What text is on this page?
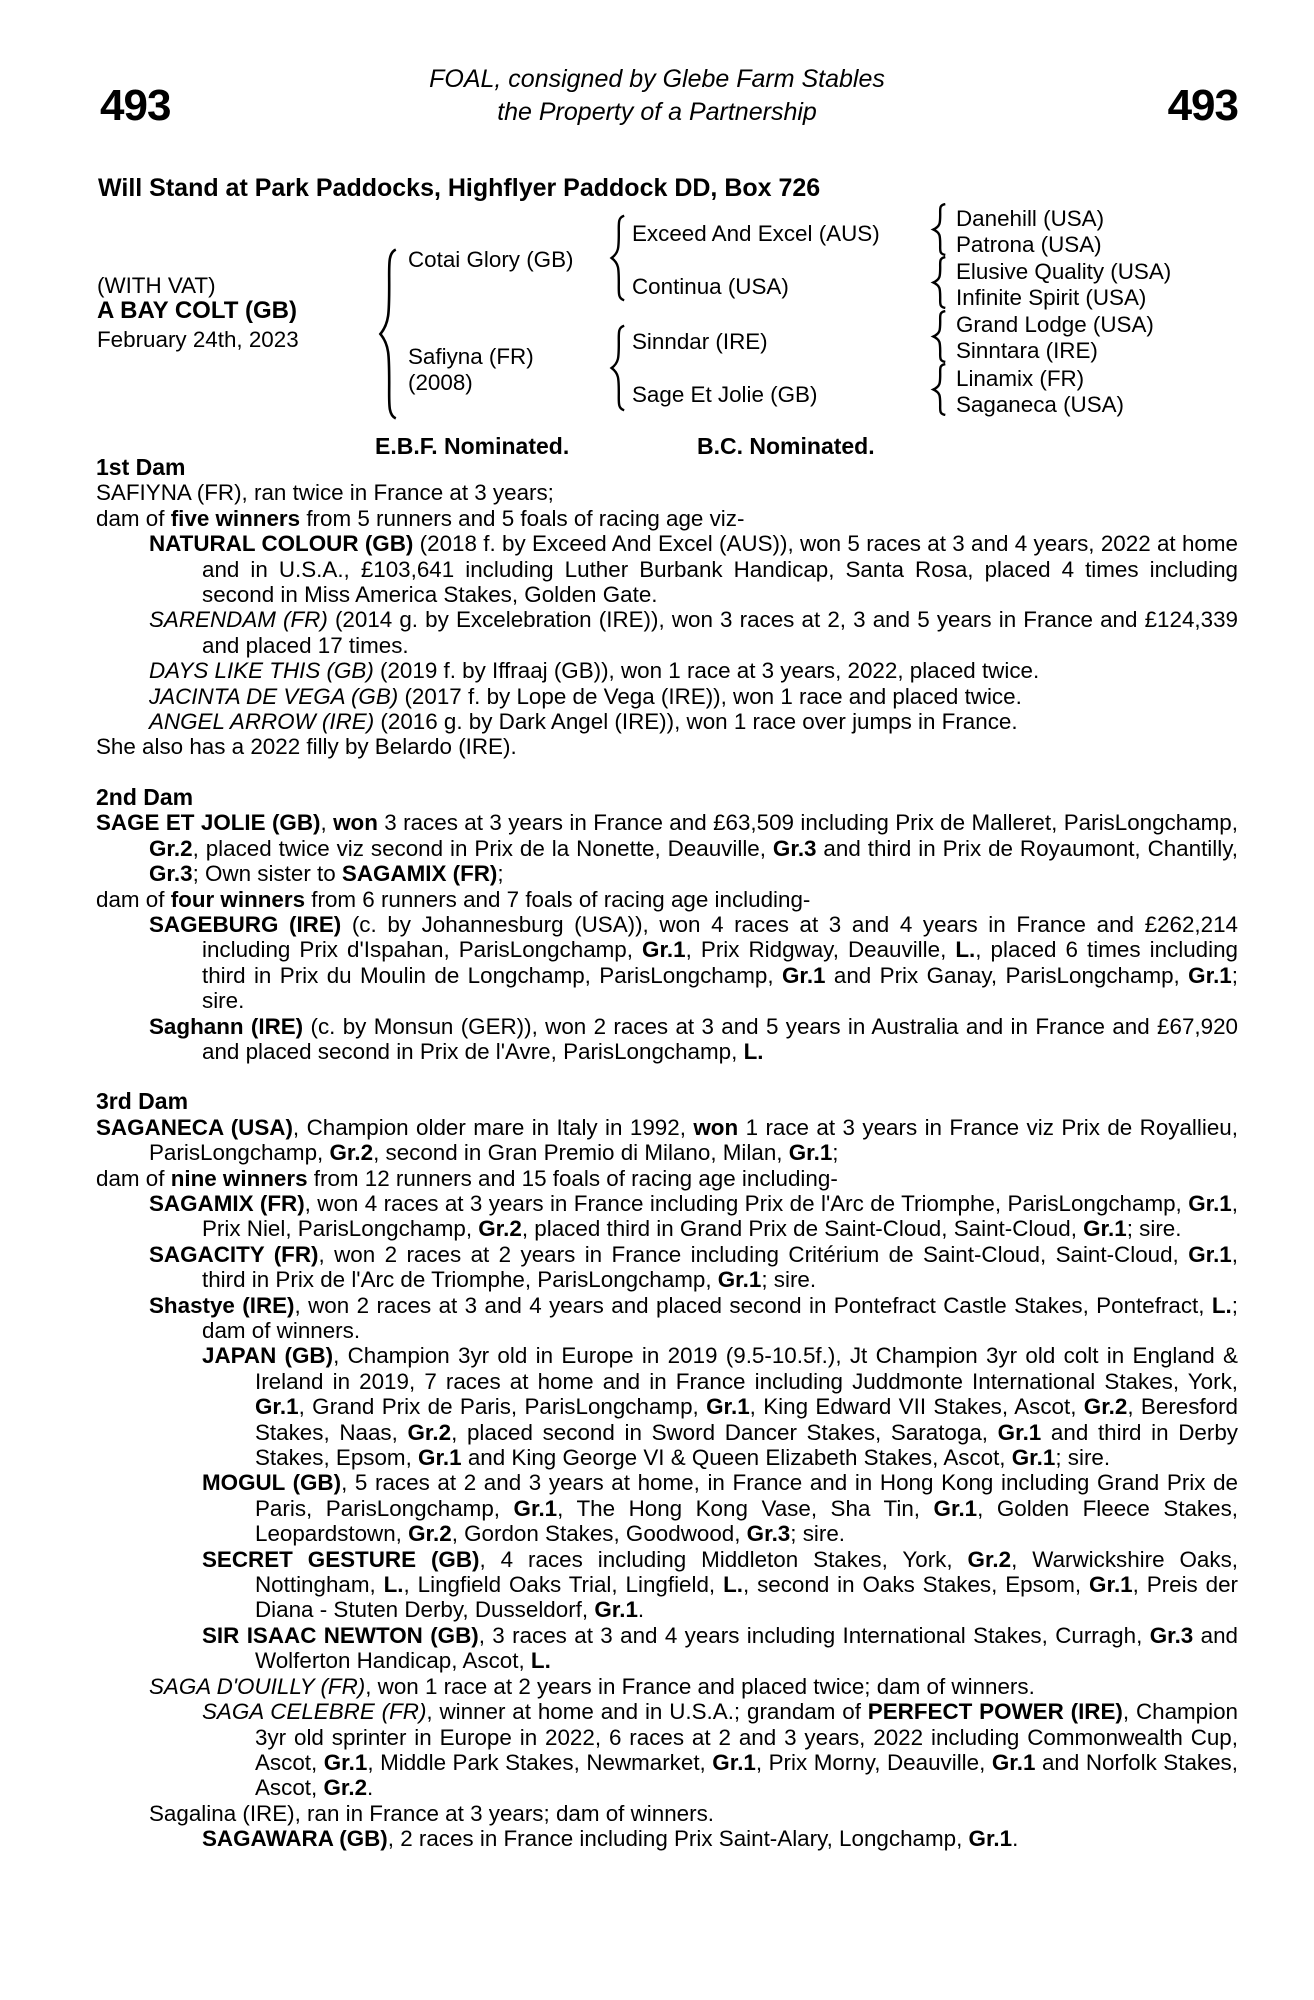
493	493
FOAL, consigned by Glebe Farm Stables
the Property of a Partnership
Will Stand at Park Paddocks, Highflyer Paddock DD, Box 726
(WITH VAT)
A BAY COLT (GB)
February 24th, 2023
Cotai Glory (GB)
Safiyna (FR)
(2008)
Exceed And Excel (AUS)
Continua (USA)
Sinndar (IRE)
Sage Et Jolie (GB)
Danehill (USA)
Patrona (USA)
Elusive Quality (USA)
Infinite Spirit (USA)
Grand Lodge (USA)
Sinntara (IRE)
Linamix (FR)
Saganeca (USA)
E.B.F. Nominated.	B.C. Nominated.
1st Dam

SAFIYNA (FR), ran twice in France at 3 years;

dam of five winners from 5 runners and 5 foals of racing age viz-

NATURAL COLOUR (GB) (2018 f. by Exceed And Excel (AUS)), won 5 races at 3 and 4 years, 2022 at home and in U.S.A., £103,641 including Luther Burbank Handicap, Santa Rosa, placed 4 times including second in Miss America Stakes, Golden Gate.

SARENDAM (FR) (2014 g. by Excelebration (IRE)), won 3 races at 2, 3 and 5 years in France and £124,339 and placed 17 times.

DAYS LIKE THIS (GB) (2019 f. by Iffraaj (GB)), won 1 race at 3 years, 2022, placed twice.

JACINTA DE VEGA (GB) (2017 f. by Lope de Vega (IRE)), won 1 race and placed twice.

ANGEL ARROW (IRE) (2016 g. by Dark Angel (IRE)), won 1 race over jumps in France.

She also has a 2022 filly by Belardo (IRE).

2nd Dam

SAGE ET JOLIE (GB), won 3 races at 3 years in France and £63,509 including Prix de Malleret, ParisLongchamp, Gr.2, placed twice viz second in Prix de la Nonette, Deauville, Gr.3 and third in Prix de Royaumont, Chantilly, Gr.3; Own sister to SAGAMIX (FR);

dam of four winners from 6 runners and 7 foals of racing age including-

SAGEBURG (IRE) (c. by Johannesburg (USA)), won 4 races at 3 and 4 years in France and £262,214 including Prix d'Ispahan, ParisLongchamp, Gr.1, Prix Ridgway, Deauville, L., placed 6 times including third in Prix du Moulin de Longchamp, ParisLongchamp, Gr.1 and Prix Ganay, ParisLongchamp, Gr.1; sire.

Saghann (IRE) (c. by Monsun (GER)), won 2 races at 3 and 5 years in Australia and in France and £67,920 and placed second in Prix de l'Avre, ParisLongchamp, L.

3rd Dam

SAGANECA (USA), Champion older mare in Italy in 1992, won 1 race at 3 years in France viz Prix de Royallieu, ParisLongchamp, Gr.2, second in Gran Premio di Milano, Milan, Gr.1;

dam of nine winners from 12 runners and 15 foals of racing age including-

SAGAMIX (FR), won 4 races at 3 years in France including Prix de l'Arc de Triomphe, ParisLongchamp, Gr.1, Prix Niel, ParisLongchamp, Gr.2, placed third in Grand Prix de Saint-Cloud, Saint-Cloud, Gr.1; sire.

SAGACITY (FR), won 2 races at 2 years in France including Critérium de Saint-Cloud, Saint-Cloud, Gr.1, third in Prix de l'Arc de Triomphe, ParisLongchamp, Gr.1; sire.

Shastye (IRE), won 2 races at 3 and 4 years and placed second in Pontefract Castle Stakes, Pontefract, L.; dam of winners.

JAPAN (GB), Champion 3yr old in Europe in 2019 (9.5-10.5f.), Jt Champion 3yr old colt in England & Ireland in 2019, 7 races at home and in France including Juddmonte International Stakes, York, Gr.1, Grand Prix de Paris, ParisLongchamp, Gr.1, King Edward VII Stakes, Ascot, Gr.2, Beresford Stakes, Naas, Gr.2, placed second in Sword Dancer Stakes, Saratoga, Gr.1 and third in Derby Stakes, Epsom, Gr.1 and King George VI & Queen Elizabeth Stakes, Ascot, Gr.1; sire.

MOGUL (GB), 5 races at 2 and 3 years at home, in France and in Hong Kong including Grand Prix de Paris, ParisLongchamp, Gr.1, The Hong Kong Vase, Sha Tin, Gr.1, Golden Fleece Stakes, Leopardstown, Gr.2, Gordon Stakes, Goodwood, Gr.3; sire.

SECRET GESTURE (GB), 4 races including Middleton Stakes, York, Gr.2, Warwickshire Oaks, Nottingham, L., Lingfield Oaks Trial, Lingfield, L., second in Oaks Stakes, Epsom, Gr.1, Preis der Diana - Stuten Derby, Dusseldorf, Gr.1.

SIR ISAAC NEWTON (GB), 3 races at 3 and 4 years including International Stakes, Curragh, Gr.3 and Wolferton Handicap, Ascot, L.

SAGA D'OUILLY (FR), won 1 race at 2 years in France and placed twice; dam of winners.

SAGA CELEBRE (FR), winner at home and in U.S.A.; grandam of PERFECT POWER (IRE), Champion 3yr old sprinter in Europe in 2022, 6 races at 2 and 3 years, 2022 including Commonwealth Cup, Ascot, Gr.1, Middle Park Stakes, Newmarket, Gr.1, Prix Morny, Deauville, Gr.1 and Norfolk Stakes, Ascot, Gr.2.

Sagalina (IRE), ran in France at 3 years; dam of winners.

SAGAWARA (GB), 2 races in France including Prix Saint-Alary, Longchamp, Gr.1.
